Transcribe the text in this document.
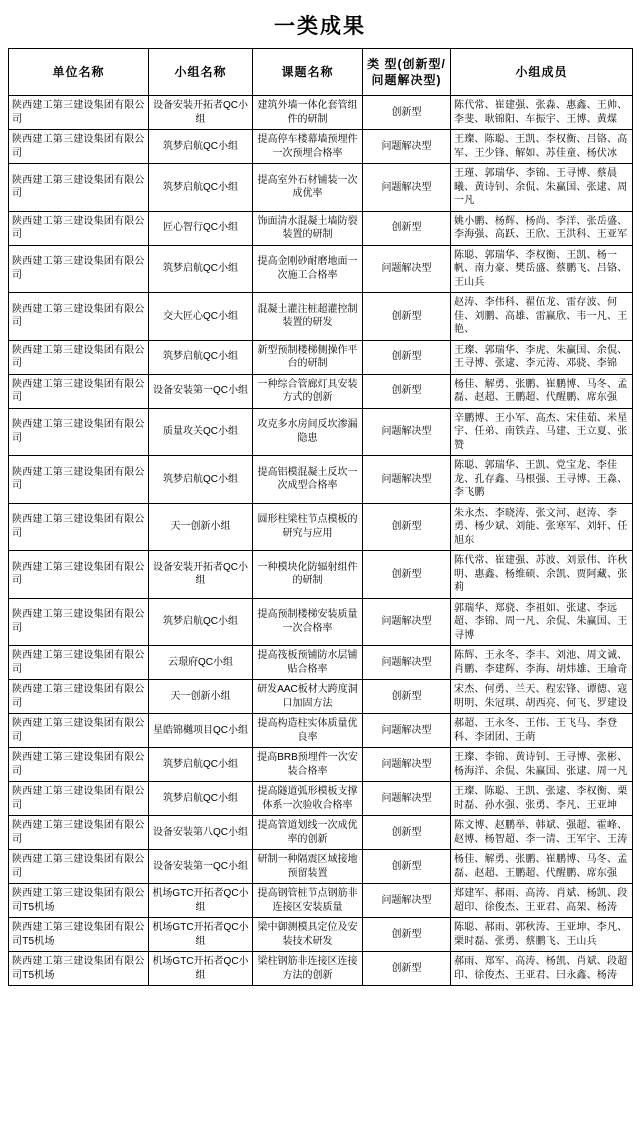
一类成果
单位名称	小组名称	课题名称	类 型(创新型/问题解决型)	小组成员
陕西建工第三建设集团有限公司	设备安装开拓者QC小组	建筑外墙一体化套管组件的研制	创新型	陈代常、崔建强、张淼、惠鑫、王帅、李斐、耿锦阳、车振宇、王博、黄煤
陕西建工第三建设集团有限公司	筑梦启航QC小组	提高停车楼幕墙预埋件一次预埋合格率	问题解决型	王璨、陈聪、王凯、李权衡、吕铬、高军、王少锋、解如、苏佳童、杨伏冰
陕西建工第三建设集团有限公司	筑梦启航QC小组	提高室外石材铺装一次成优率	问题解决型	王瑾、郭瑞华、李锦、王寻博、蔡晨曦、黄诗钊、余侃、朱赢国、张逮、周一凡
陕西建工第三建设集团有限公司	匠心智行QC小组	饰面清水混凝土墙防裂装置的研制	创新型	姚小鹏、杨辉、杨尚、李洋、张岳盛、李海强、高跃、王欣、王洪科、王亚军
陕西建工第三建设集团有限公司	筑梦启航QC小组	提高金刚砂耐磨地面一次施工合格率	问题解决型	陈聪、郭瑞华、李权衡、王凯、杨一帆、南力豪、樊岳盛、蔡鹏飞、吕铬、王山兵
陕西建工第三建设集团有限公司	交大匠心QC小组	混凝土灌注桩超灌控制装置的研发	创新型	赵涛、李伟科、翟伍龙、雷存波、何佳、刘鹏、高雄、雷赢欣、韦一凡、王艳、
陕西建工第三建设集团有限公司	筑梦启航QC小组	新型预制楼梯侧操作平台的研制	创新型	王璨、郭瑞华、李虎、朱赢国、余侃、王寻博、张逮、李元涛、邓骁、李锦
陕西建工第三建设集团有限公司	设备安装第一QC小组	一种综合管廊灯具安装方式的创新	创新型	杨佳、解勇、张鹏、崔鹏博、马冬、孟磊、赵超、王鹏超、代醒鹏、席东强
陕西建工第三建设集团有限公司	质量攻关QC小组	攻克多水房间反坎渗漏隐患	问题解决型	辛鹏博、王小军、高杰、宋佳茹、米星宇、任弟、南铁垚、马建、王立夏、张赞
陕西建工第三建设集团有限公司	筑梦启航QC小组	提高铝模混凝土反坎一次成型合格率	问题解决型	陈聪、郭瑞华、王凯、党宝龙、李佳龙、孔存鑫、马根强、王寻博、王淼、李飞鹏
陕西建工第三建设集团有限公司	天一创新小组	圆形柱梁柱节点模板的研究与应用	创新型	朱永杰、李晓涛、张文河、赵涛、李勇、杨少斌、刘能、张寒军、刘轩、任旭东
陕西建工第三建设集团有限公司	设备安装开拓者QC小组	一种模块化防辐射组件的研制	创新型	陈代常、崔建强、苏波、刘景伟、许秋明、惠鑫、杨维硕、余凯、贾阿藏、张莉
陕西建工第三建设集团有限公司	筑梦启航QC小组	提高预制楼梯安装质量一次合格率	问题解决型	郭瑞华、郑骁、李祖如、张逮、李远超、李锦、周一凡、余侃、朱赢国、王寻博
陕西建工第三建设集团有限公司	云璟府QC小组	提高筏板预铺防水层铺贴合格率	问题解决型	陈辉、王永冬、李丰、刘池、周文诚、肖鹏、李建辉、李海、胡炜雄、王瑜奇
陕西建工第三建设集团有限公司	天一创新小组	研发AAC板材大跨度洞口加固方法	创新型	宋杰、何勇、兰天、程宏锋、谭德、寇明明、朱冠琪、胡西亮、何飞、罗建设
陕西建工第三建设集团有限公司	星皓锦樾项目QC小组	提高构造柱实体质量优良率	问题解决型	郝超、王永冬、王伟、王飞马、李登科、李团团、王萌
陕西建工第三建设集团有限公司	筑梦启航QC小组	提高BRB预埋件一次安装合格率	问题解决型	王璨、李锦、黄诗钊、王寻博、张彬、杨海洋、余侃、朱赢国、张逮、周一凡
陕西建工第三建设集团有限公司	筑梦启航QC小组	提高隧道弧形模板支撑体系一次验收合格率	问题解决型	王璨、陈聪、王凯、张逮、李权衡、栗时磊、孙水强、张勇、李凡、王亚坤
陕西建工第三建设集团有限公司	设备安装第八QC小组	提高管道划线一次成优率的创新	创新型	陈文博、赵鹏举、韩斌、强超、霍峰、赵博、杨智超、李一清、王军宇、王涛
陕西建工第三建设集团有限公司	设备安装第一QC小组	研制一种隔震区域接地预留装置	创新型	杨佳、解勇、张鹏、崔鹏博、马冬、孟磊、赵超、王鹏超、代醒鹏、席东强
陕西建工第三建设集团有限公司T5机场	机场GTC开拓者QC小组	提高钢管桩节点钢筋非连接区安装质量	问题解决型	郑建军、郝雨、高涛、肖斌、杨凯、段超印、徐俊杰、王亚君、高架、杨涛
陕西建工第三建设集团有限公司T5机场	机场GTC开拓者QC小组	梁中御测模具定位及安装技术研发	创新型	陈聪、郝雨、郭秋涛、王亚坤、李凡、栗时磊、张勇、蔡鹏飞、王山兵
陕西建工第三建设集团有限公司T5机场	机场GTC开拓者QC小组	梁柱钢筋非连接区连接方法的创新	创新型	郝雨、郑军、高涛、杨凯、肖斌、段超印、徐俊杰、王亚君、曰永鑫、杨涛
